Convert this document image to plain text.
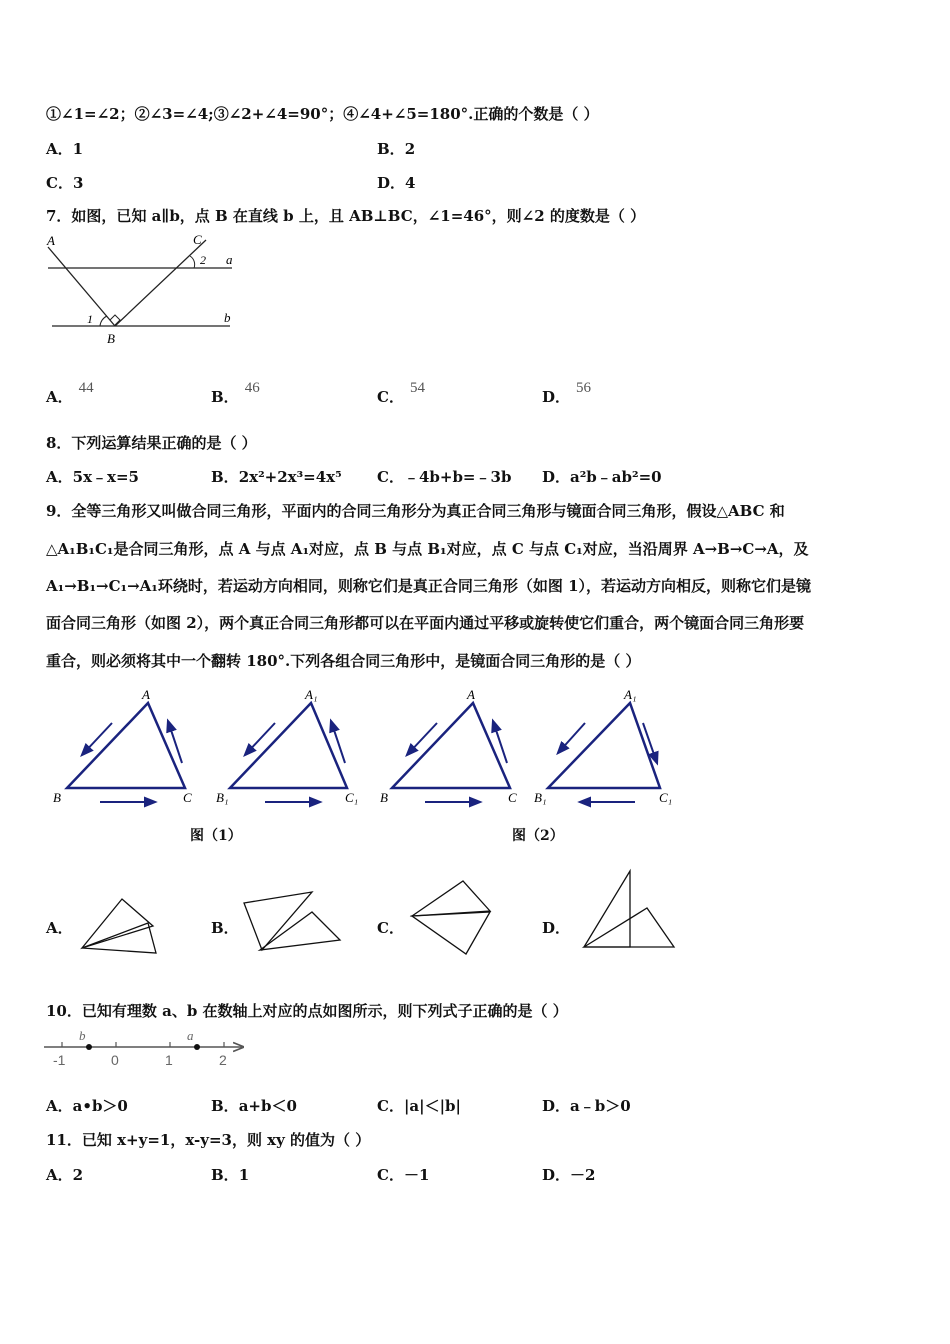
①∠1=∠2；②∠3=∠4;③∠2+∠4=90°；④∠4+∠5=180°.正确的个数是（ ）
A．1	B．2
C．3	D．4
7．如图，已知 a∥b，点 B 在直线 b 上，且 AB⊥BC，∠1=46°，则∠2 的度数是（ ）
A	C
2 a
1	b
B
A． 44	B． 46	C． 54	D． 56
8．下列运算结果正确的是（ ）
A．5x﹣x=5	B．2x²+2x³=4x⁵ C．﹣4b+b=﹣3b D．a²b﹣ab²=0
9．全等三角形又叫做合同三角形，平面内的合同三角形分为真正合同三角形与镜面合同三角形，假设△ABC 和
△A₁B₁C₁是合同三角形，点 A 与点 A₁对应，点 B 与点 B₁对应，点 C 与点 C₁对应，当沿周界 A→B→C→A，及
A₁→B₁→C₁→A₁环绕时，若运动方向相同，则称它们是真正合同三角形（如图 1），若运动方向相反，则称它们是镜
面合同三角形（如图 2），两个真正合同三角形都可以在平面内通过平移或旋转使它们重合，两个镜面合同三角形要
重合，则必须将其中一个翻转 180°.下列各组合同三角形中，是镜面合同三角形的是（ ）
A
B	C
A₁
B₁	C₁
A
B	C
A₁
B₁	C₁
图（1）	图（2）
A．	B．	C．	D．
10．已知有理数 a、b 在数轴上对应的点如图所示，则下列式子正确的是（ ）
-1	0	1	2
b	a
A．a•b＞0	B．a+b＜0	C．|a|＜|b|	D．a﹣b＞0
11．已知 x+y=1，x-y=3，则 xy 的值为（ ）
A．2	B．1	C．－1	D．－2
